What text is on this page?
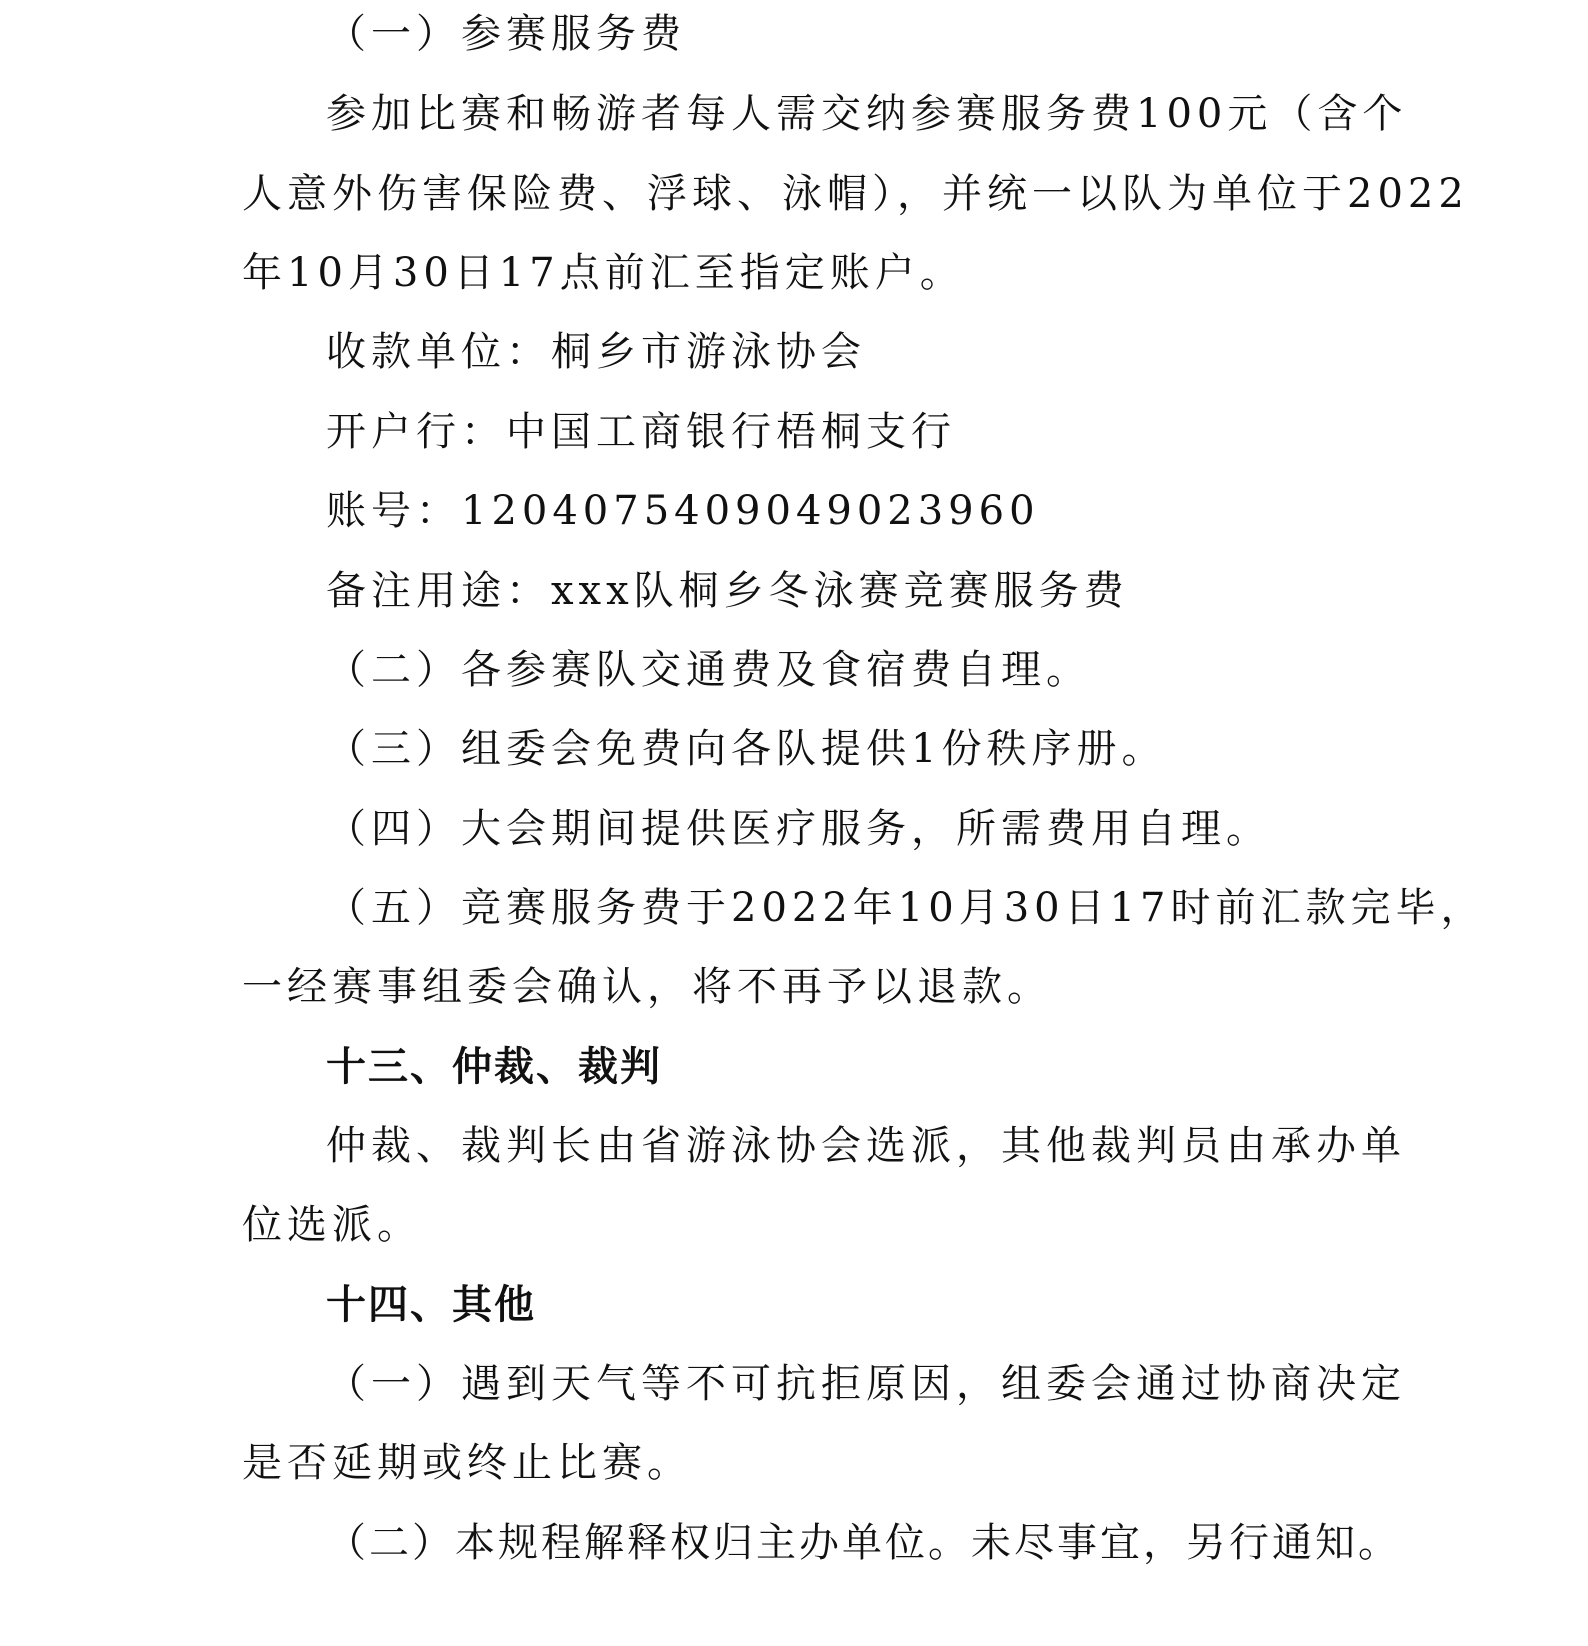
（一）参赛服务费
参加比赛和畅游者每人需交纳参赛服务费100元（含个
人意外伤害保险费、浮球、泳帽），并统一以队为单位于2022
年10月30日17点前汇至指定账户。
收款单位：桐乡市游泳协会
开户行：中国工商银行梧桐支行
账号：1204075409049023960
备注用途：xxx队桐乡冬泳赛竞赛服务费
（二）各参赛队交通费及食宿费自理。
（三）组委会免费向各队提供1份秩序册。
（四）大会期间提供医疗服务，所需费用自理。
（五）竞赛服务费于2022年10月30日17时前汇款完毕，
一经赛事组委会确认，将不再予以退款。
十三、仲裁、裁判
仲裁、裁判长由省游泳协会选派，其他裁判员由承办单
位选派。
十四、其他
（一）遇到天气等不可抗拒原因，组委会通过协商决定
是否延期或终止比赛。
（二）本规程解释权归主办单位。未尽事宜，另行通知。
